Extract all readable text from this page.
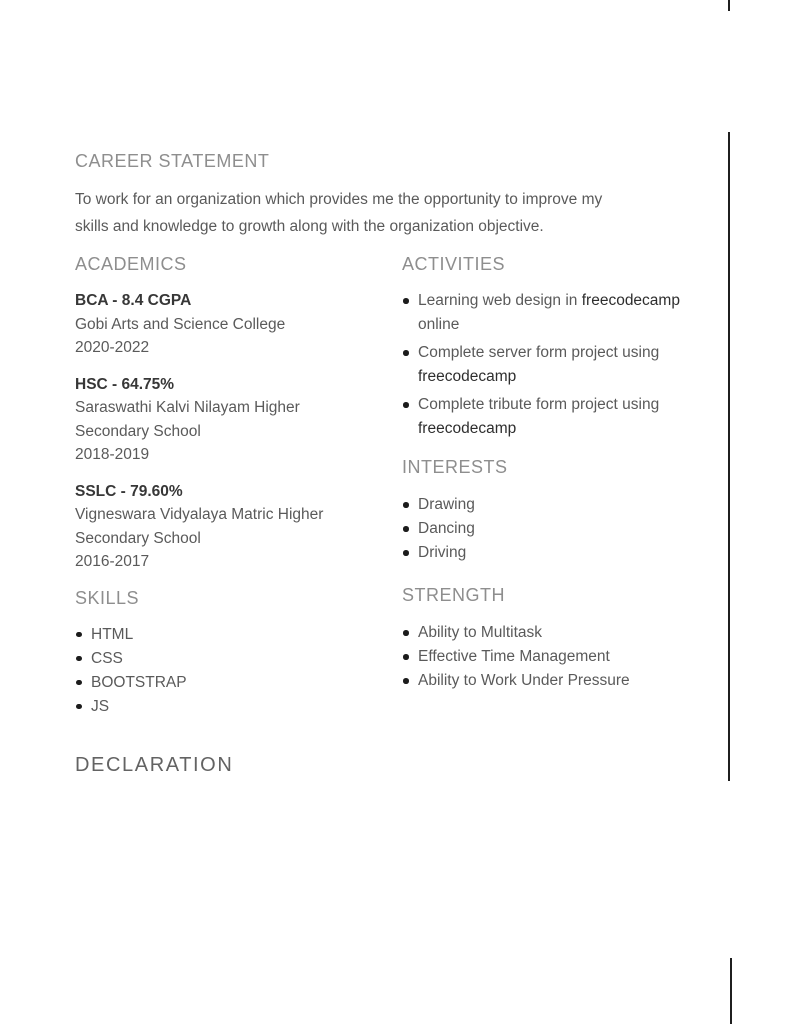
CAREER STATEMENT

To work for an organization which provides me the opportunity to improve my skills and knowledge to growth along with the organization objective.

ACADEMICS
BCA - 8.4 CGPA
Gobi Arts and Science College
2020-2022
HSC - 64.75%
Saraswathi Kalvi Nilayam Higher Secondary School
2018-2019
SSLC - 79.60%
Vigneswara Vidyalaya Matric Higher Secondary School
2016-2017
SKILLS
HTML
CSS
BOOTSTRAP
JS
ACTIVITIES
Learning web design in freecodecamp online
Complete server form project using freecodecamp
Complete tribute form project using freecodecamp
INTERESTS
Drawing
Dancing
Driving
STRENGTH
Ability to Multitask
Effective Time Management
Ability to Work Under Pressure
DECLARATION
